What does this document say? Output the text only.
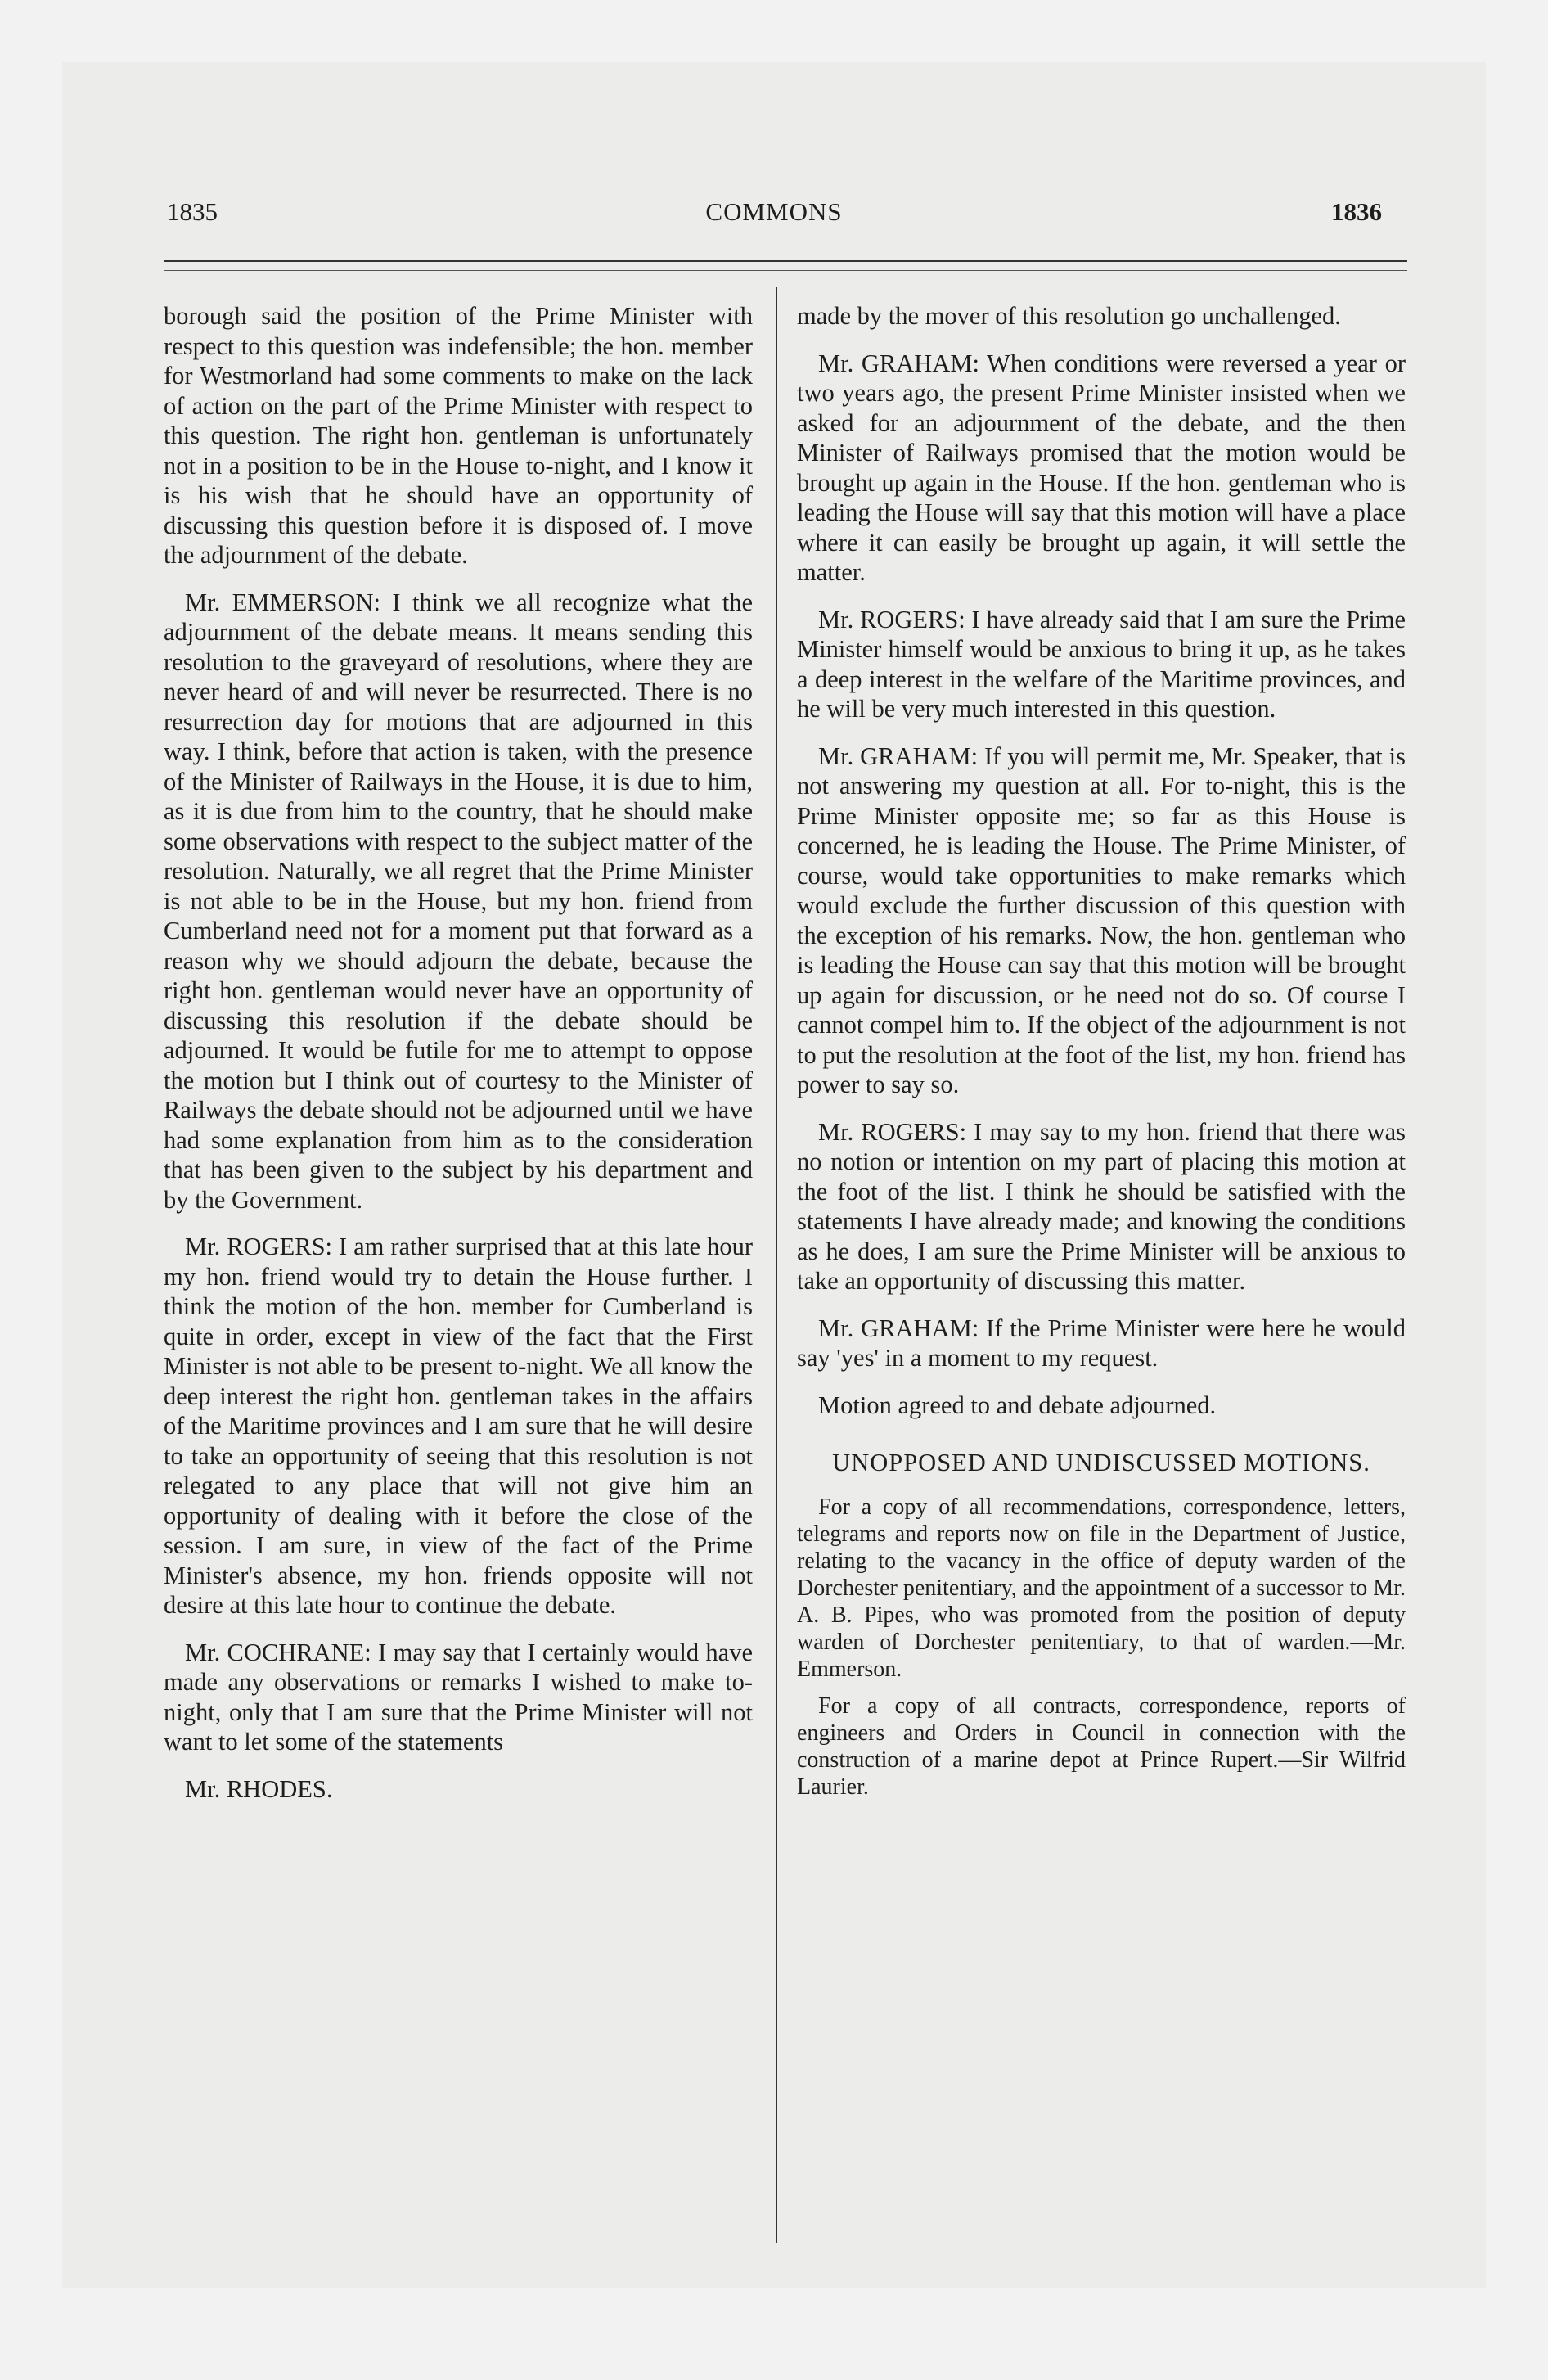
1835	COMMONS	1836

borough said the position of the Prime Minister with respect to this question was indefensible; the hon. member for Westmorland had some comments to make on the lack of action on the part of the Prime Minister with respect to this question. The right hon. gentleman is unfortunately not in a position to be in the House to-night, and I know it is his wish that he should have an opportunity of discussing this question before it is disposed of. I move the adjournment of the debate.

Mr. EMMERSON: I think we all recognize what the adjournment of the debate means. It means sending this resolution to the graveyard of resolutions, where they are never heard of and will never be resurrected. There is no resurrection day for motions that are adjourned in this way. I think, before that action is taken, with the presence of the Minister of Railways in the House, it is due to him, as it is due from him to the country, that he should make some observations with respect to the subject matter of the resolution. Naturally, we all regret that the Prime Minister is not able to be in the House, but my hon. friend from Cumberland need not for a moment put that forward as a reason why we should adjourn the debate, because the right hon. gentleman would never have an opportunity of discussing this resolution if the debate should be adjourned. It would be futile for me to attempt to oppose the motion but I think out of courtesy to the Minister of Railways the debate should not be adjourned until we have had some explanation from him as to the consideration that has been given to the subject by his department and by the Government.

Mr. ROGERS: I am rather surprised that at this late hour my hon. friend would try to detain the House further. I think the motion of the hon. member for Cumberland is quite in order, except in view of the fact that the First Minister is not able to be present to-night. We all know the deep interest the right hon. gentleman takes in the affairs of the Maritime provinces and I am sure that he will desire to take an opportunity of seeing that this resolution is not relegated to any place that will not give him an opportunity of dealing with it before the close of the session. I am sure, in view of the fact of the Prime Minister's absence, my hon. friends opposite will not desire at this late hour to continue the debate.

Mr. COCHRANE: I may say that I certainly would have made any observations or remarks I wished to make to-night, only that I am sure that the Prime Minister will not want to let some of the statements

Mr. RHODES.

made by the mover of this resolution go unchallenged.

Mr. GRAHAM: When conditions were reversed a year or two years ago, the present Prime Minister insisted when we asked for an adjournment of the debate, and the then Minister of Railways promised that the motion would be brought up again in the House. If the hon. gentleman who is leading the House will say that this motion will have a place where it can easily be brought up again, it will settle the matter.

Mr. ROGERS: I have already said that I am sure the Prime Minister himself would be anxious to bring it up, as he takes a deep interest in the welfare of the Maritime provinces, and he will be very much interested in this question.

Mr. GRAHAM: If you will permit me, Mr. Speaker, that is not answering my question at all. For to-night, this is the Prime Minister opposite me; so far as this House is concerned, he is leading the House. The Prime Minister, of course, would take opportunities to make remarks which would exclude the further discussion of this question with the exception of his remarks. Now, the hon. gentleman who is leading the House can say that this motion will be brought up again for discussion, or he need not do so. Of course I cannot compel him to. If the object of the adjournment is not to put the resolution at the foot of the list, my hon. friend has power to say so.

Mr. ROGERS: I may say to my hon. friend that there was no notion or intention on my part of placing this motion at the foot of the list. I think he should be satisfied with the statements I have already made; and knowing the conditions as he does, I am sure the Prime Minister will be anxious to take an opportunity of discussing this matter.

Mr. GRAHAM: If the Prime Minister were here he would say 'yes' in a moment to my request.

Motion agreed to and debate adjourned.

UNOPPOSED AND UNDISCUSSED MOTIONS.

For a copy of all recommendations, correspondence, letters, telegrams and reports now on file in the Department of Justice, relating to the vacancy in the office of deputy warden of the Dorchester penitentiary, and the appointment of a successor to Mr. A. B. Pipes, who was promoted from the position of deputy warden of Dorchester penitentiary, to that of warden.—Mr. Emmerson.

For a copy of all contracts, correspondence, reports of engineers and Orders in Council in connection with the construction of a marine depot at Prince Rupert.—Sir Wilfrid Laurier.
